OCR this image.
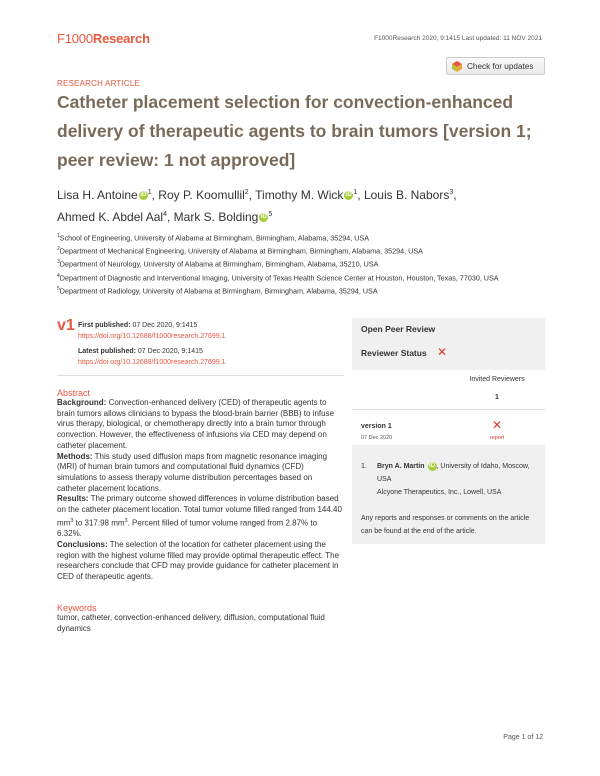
F1000Research	F1000Research 2020, 9:1415 Last updated: 11 NOV 2021
RESEARCH ARTICLE
Check for updates
Catheter placement selection for convection-enhanced
delivery of therapeutic agents to brain tumors [version 1;
peer review: 1 not approved]
Lisa H. Antoine iD $^1$, Roy P. Koomullil$^2$, Timothy M. Wick iD $^1$, Louis B. Nabors$^3$,
Ahmed K. Abdel Aal$^4$, Mark S. Bolding iD $^5$
$^1$School of Engineering, University of Alabama at Birmingham, Birmingham, Alabama, 35294, USA
$^2$Department of Mechanical Engineering, University of Alabama at Birmingham, Birmingham, Alabama, 35294, USA
$^3$Department of Neurology, University of Alabama at Birmingham, Birmingham, Alabama, 35210, USA
$^4$Department of Diagnostic and Interventional Imaging, University of Texas Health Science Center at Houston, Houston, Texas, 77030, USA
$^5$Department of Radiology, University of Alabama at Birmingham, Birmingham, Alabama, 35294, USA
v1 First published: 07 Dec 2020, 9:1415
https://doi.org/10.12688/f1000research.27699.1
Latest published: 07 Dec 2020, 9:1415
https://doi.org/10.12688/f1000research.27699.1
Abstract
Background: Convection-enhanced delivery (CED) of therapeutic agents to brain tumors allows clinicians to bypass the blood-brain barrier (BBB) to infuse virus therapy, biological, or chemotherapy directly into a brain tumor through convection. However, the effectiveness of infusions via CED may depend on catheter placement.
Methods: This study used diffusion maps from magnetic resonance imaging (MRI) of human brain tumors and computational fluid dynamics (CFD) simulations to assess therapy volume distribution percentages based on catheter placement locations.
Results: The primary outcome showed differences in volume distribution based on the catheter placement location. Total tumor volume filled ranged from 144.40 $mm^3$ to 317.98 $mm^3$. Percent filled of tumor volume ranged from 2.87% to 6.32%.
Conclusions: The selection of the location for catheter placement using the region with the highest volume filled may provide optimal therapeutic effect. The researchers conclude that CFD may provide guidance for catheter placement in CED of therapeutic agents.
Keywords
tumor, catheter, convection-enhanced delivery, diffusion, computational fluid dynamics
Open Peer Review
Reviewer Status ✕
Invited Reviewers
1
version 1
07 Dec 2020
✕
report
1. Bryn A. Martin iD , University of Idaho, Moscow, USA
Alcyone Therapeutics, Inc., Lowell, USA
Any reports and responses or comments on the article can be found at the end of the article.
Page 1 of 12
